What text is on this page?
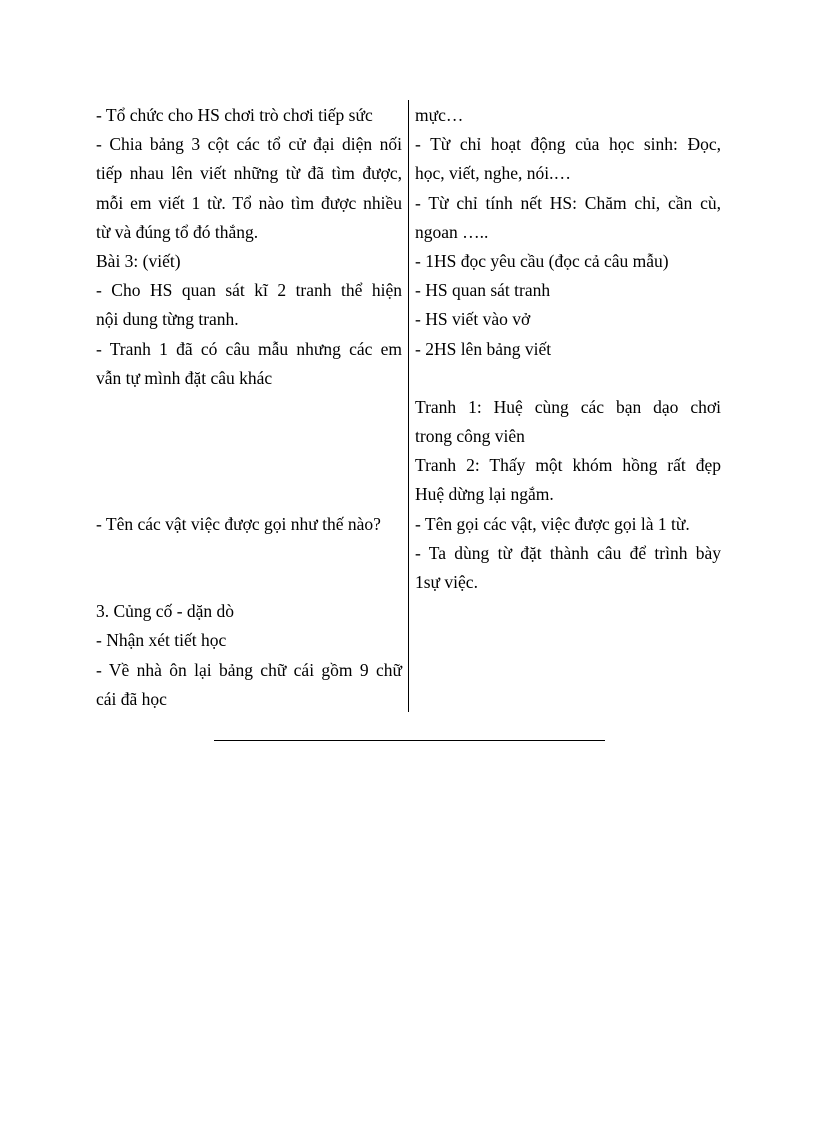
- Tổ chức cho HS chơi trò chơi tiếp sức
- Chia bảng 3 cột các tổ cử đại diện nối
tiếp nhau lên viết những từ đã tìm được,
mỗi em viết 1 từ. Tổ nào tìm được nhiều
từ và đúng tổ đó thắng.
Bài 3: (viết)
- Cho HS quan sát kĩ 2 tranh thể hiện
nội dung từng tranh.
- Tranh 1 đã có câu mẫu nhưng các em
vẫn tự mình đặt câu khác
- Tên các vật việc được gọi như thế nào?
3. Củng cố - dặn dò
- Nhận xét tiết học
- Về nhà ôn lại bảng chữ cái gồm 9 chữ
cái đã học
mực…
- Từ chỉ hoạt động của học sinh: Đọc,
học, viết, nghe, nói.…
- Từ chỉ tính nết HS: Chăm chỉ, cần cù,
ngoan …..
- 1HS đọc yêu cầu (đọc cả câu mẫu)
- HS quan sát tranh
- HS viết vào vở
- 2HS lên bảng viết
Tranh 1: Huệ cùng các bạn dạo chơi
trong công viên
Tranh 2: Thấy một khóm hồng rất đẹp
Huệ dừng lại ngắm.
- Tên gọi các vật, việc được gọi là 1 từ.
- Ta dùng từ đặt thành câu để trình bày
1sự việc.
